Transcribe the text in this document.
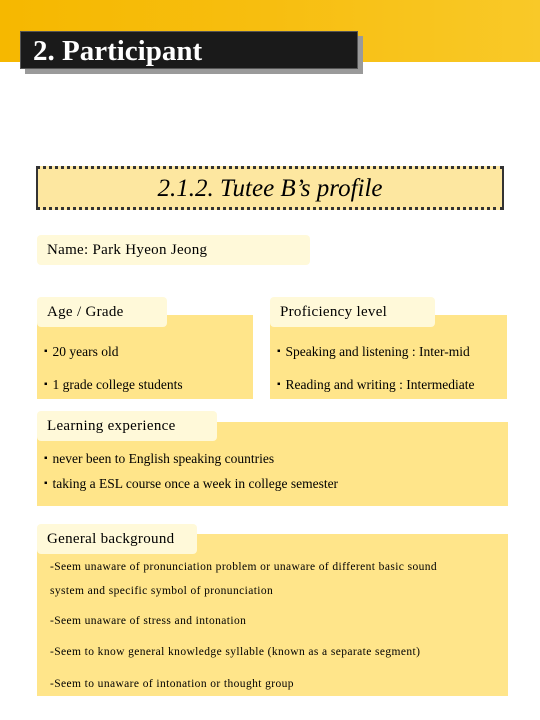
2. Participant
2.1.2. Tutee B’s profile
Name: Park Hyeon Jeong
Age / Grade
▪ 20 years old
▪ 1 grade college students
Proficiency level
▪ Speaking and listening : Inter-mid
▪ Reading and writing : Intermediate
Learning experience
▪ never been to English speaking countries
▪ taking a ESL course once a week in college semester
General background
-Seem unaware of pronunciation problem or unaware of different basic sound
system and specific symbol of pronunciation
-Seem unaware of stress and intonation
-Seem to know general knowledge syllable (known as a separate segment)
-Seem to unaware of intonation or thought group
